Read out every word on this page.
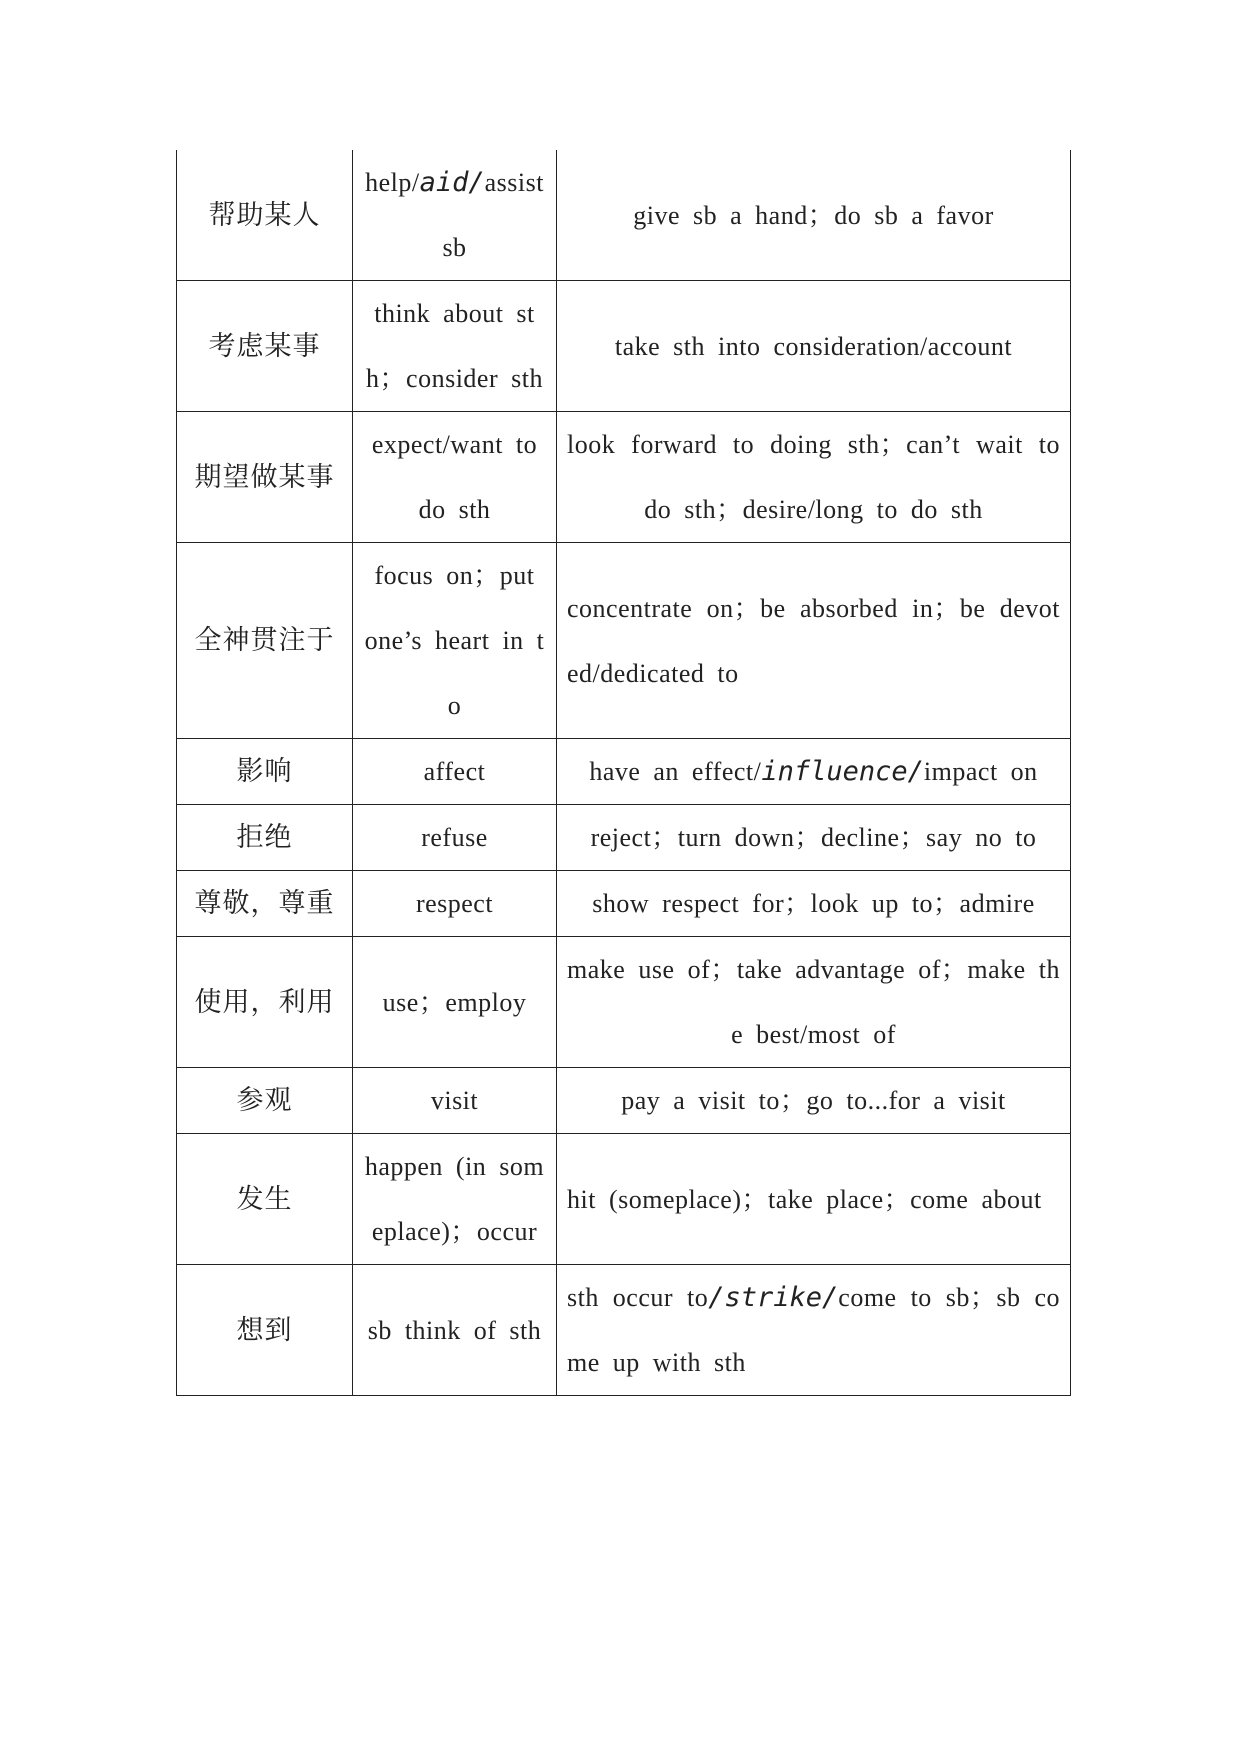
帮助某人	help/aid/assist sb	give sb a hand；do sb a favor
考虑某事	think about sth；consider sth	take sth into consideration/account
期望做某事	expect/want to do sth	look forward to doing sth；can’t wait to do sth；desire/long to do sth
全神贯注于	focus on；put one’s heart in to	concentrate on；be absorbed in；be devoted/dedicated to
影响	affect	have an effect/influence/impact on
拒绝	refuse	reject；turn down；decline；say no to
尊敬，尊重	respect	show respect for；look up to；admire
使用，利用	use；employ	make use of；take advantage of；make the best/most of
参观	visit	pay a visit to；go to...for a visit
发生	happen (in someplace)；occur	hit (someplace)；take place；come about
想到	sb think of sth	sth occur to/strike/come to sb；sb come up with sth
